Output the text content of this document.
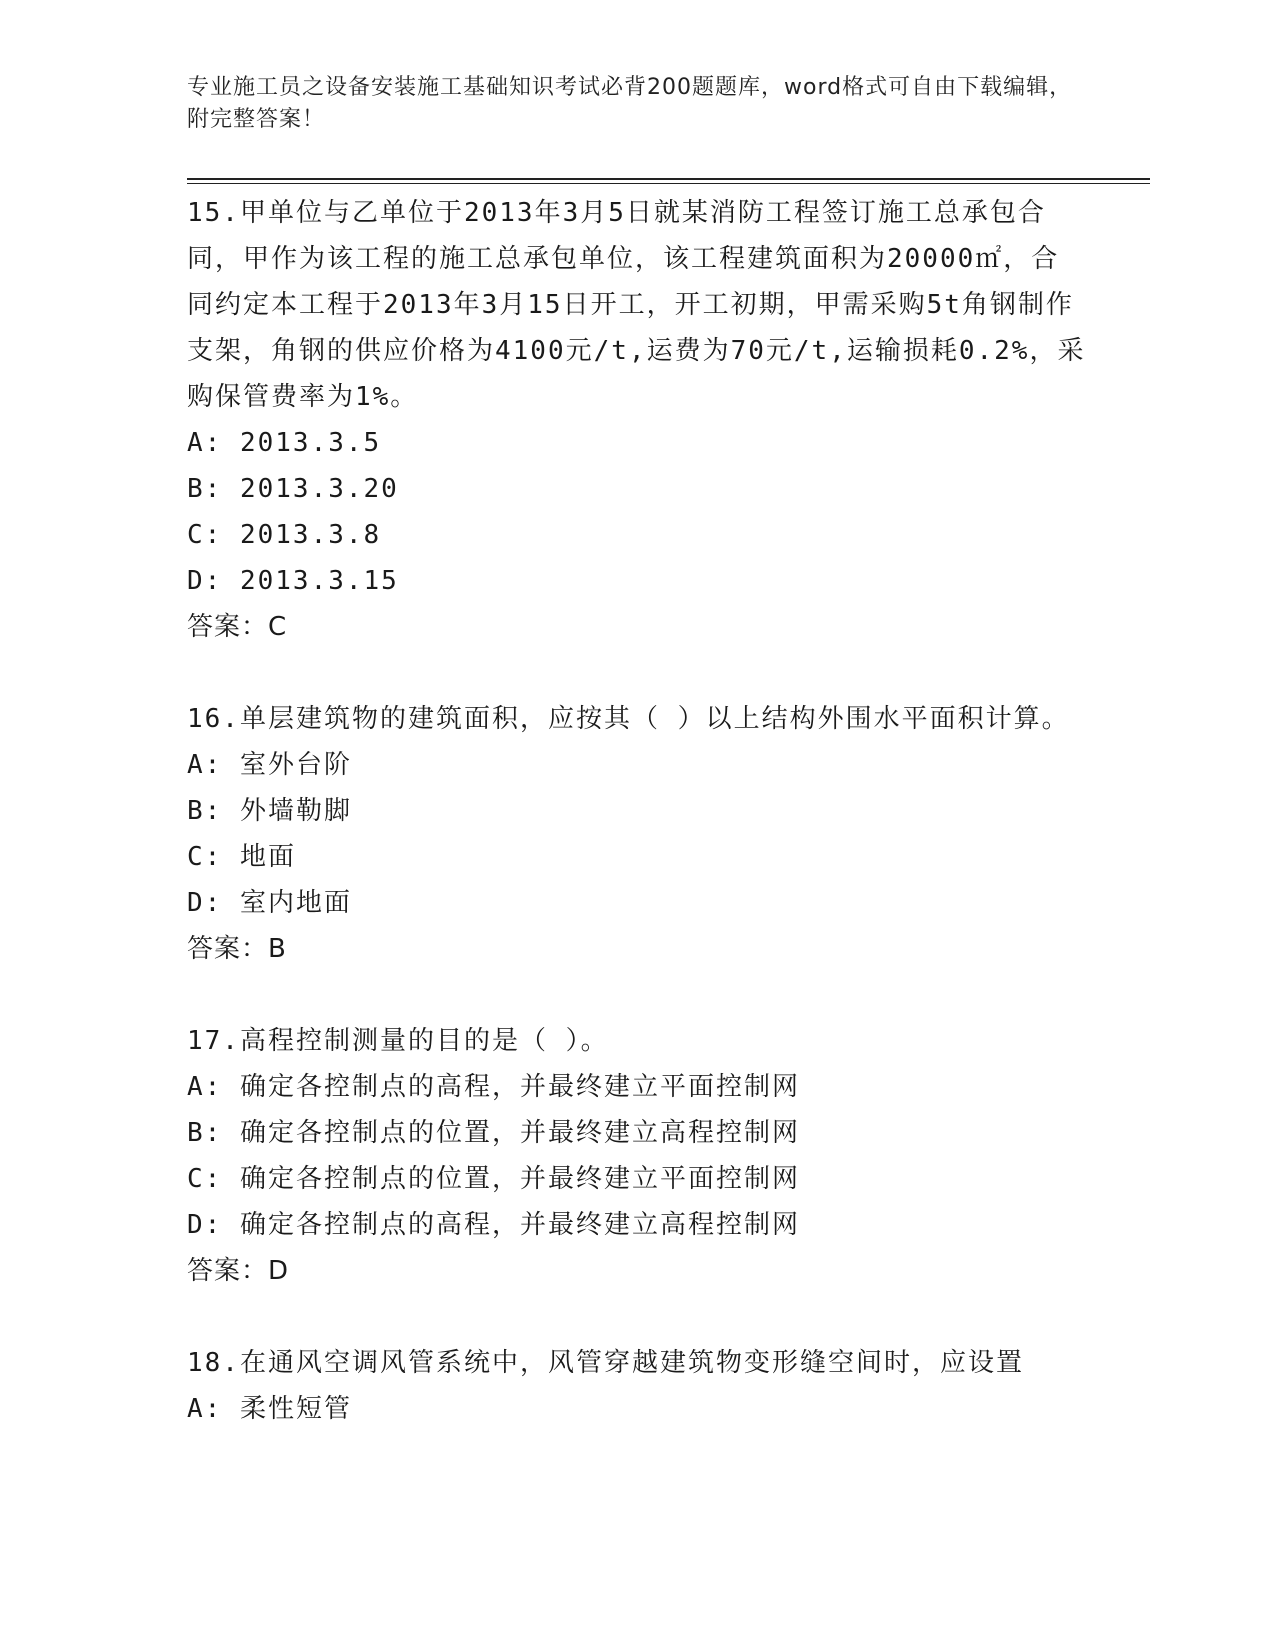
专业施工员之设备安装施工基础知识考试必背200题题库，word格式可自由下载编辑，附完整答案！

15.甲单位与乙单位于2013年3月5日就某消防工程签订施工总承包合同，甲作为该工程的施工总承包单位，该工程建筑面积为20000㎡，合同约定本工程于2013年3月15日开工，开工初期，甲需采购5t角钢制作支架，角钢的供应价格为4100元/t,运费为70元/t,运输损耗0.2%，采购保管费率为1%。

A: 2013.3.5

B: 2013.3.20

C: 2013.3.8

D: 2013.3.15

答案：C

16.单层建筑物的建筑面积，应按其（ ）以上结构外围水平面积计算。

A: 室外台阶

B: 外墙勒脚

C: 地面

D: 室内地面

答案：B

17.高程控制测量的目的是（ ）。

A: 确定各控制点的高程，并最终建立平面控制网

B: 确定各控制点的位置，并最终建立高程控制网

C: 确定各控制点的位置，并最终建立平面控制网

D: 确定各控制点的高程，并最终建立高程控制网

答案：D

18.在通风空调风管系统中，风管穿越建筑物变形缝空间时，应设置

A: 柔性短管
